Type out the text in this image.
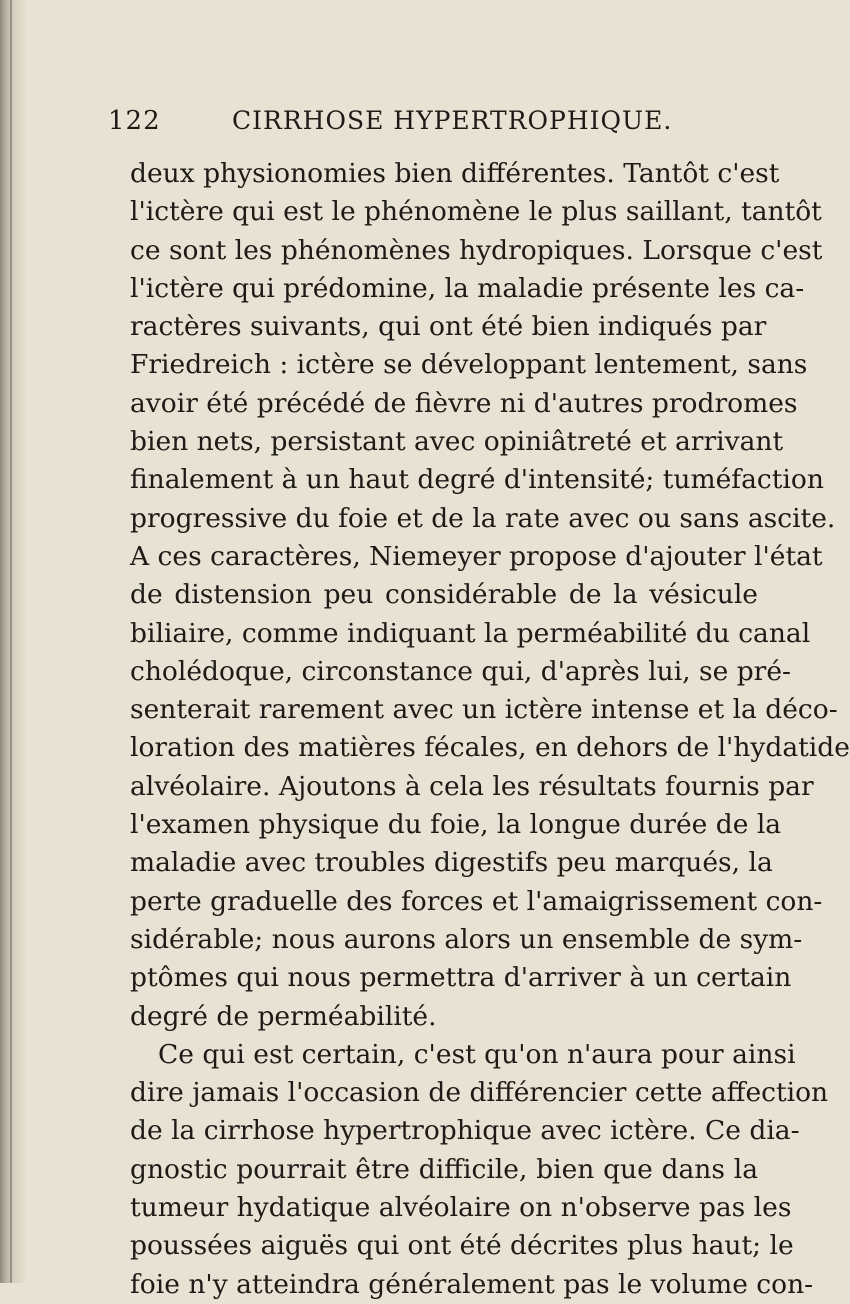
122	CIRRHOSE HYPERTROPHIQUE.
deux physionomies bien différentes. Tantôt c'est
l'ictère qui est le phénomène le plus saillant, tantôt
ce sont les phénomènes hydropiques. Lorsque c'est
l'ictère qui prédomine, la maladie présente les ca-
ractères suivants, qui ont été bien indiqués par
Friedreich : ictère se développant lentement, sans
avoir été précédé de fièvre ni d'autres prodromes
bien nets, persistant avec opiniâtreté et arrivant
finalement à un haut degré d'intensité; tuméfaction
progressive du foie et de la rate avec ou sans ascite.
A ces caractères, Niemeyer propose d'ajouter l'état
de distension peu considérable de la vésicule
biliaire, comme indiquant la perméabilité du canal
cholédoque, circonstance qui, d'après lui, se pré-
senterait rarement avec un ictère intense et la déco-
loration des matières fécales, en dehors de l'hydatide
alvéolaire. Ajoutons à cela les résultats fournis par
l'examen physique du foie, la longue durée de la
maladie avec troubles digestifs peu marqués, la
perte graduelle des forces et l'amaigrissement con-
sidérable; nous aurons alors un ensemble de sym-
ptômes qui nous permettra d'arriver à un certain
degré de perméabilité.
Ce qui est certain, c'est qu'on n'aura pour ainsi
dire jamais l'occasion de différencier cette affection
de la cirrhose hypertrophique avec ictère. Ce dia-
gnostic pourrait être difficile, bien que dans la
tumeur hydatique alvéolaire on n'observe pas les
poussées aiguës qui ont été décrites plus haut; le
foie n'y atteindra généralement pas le volume con-
